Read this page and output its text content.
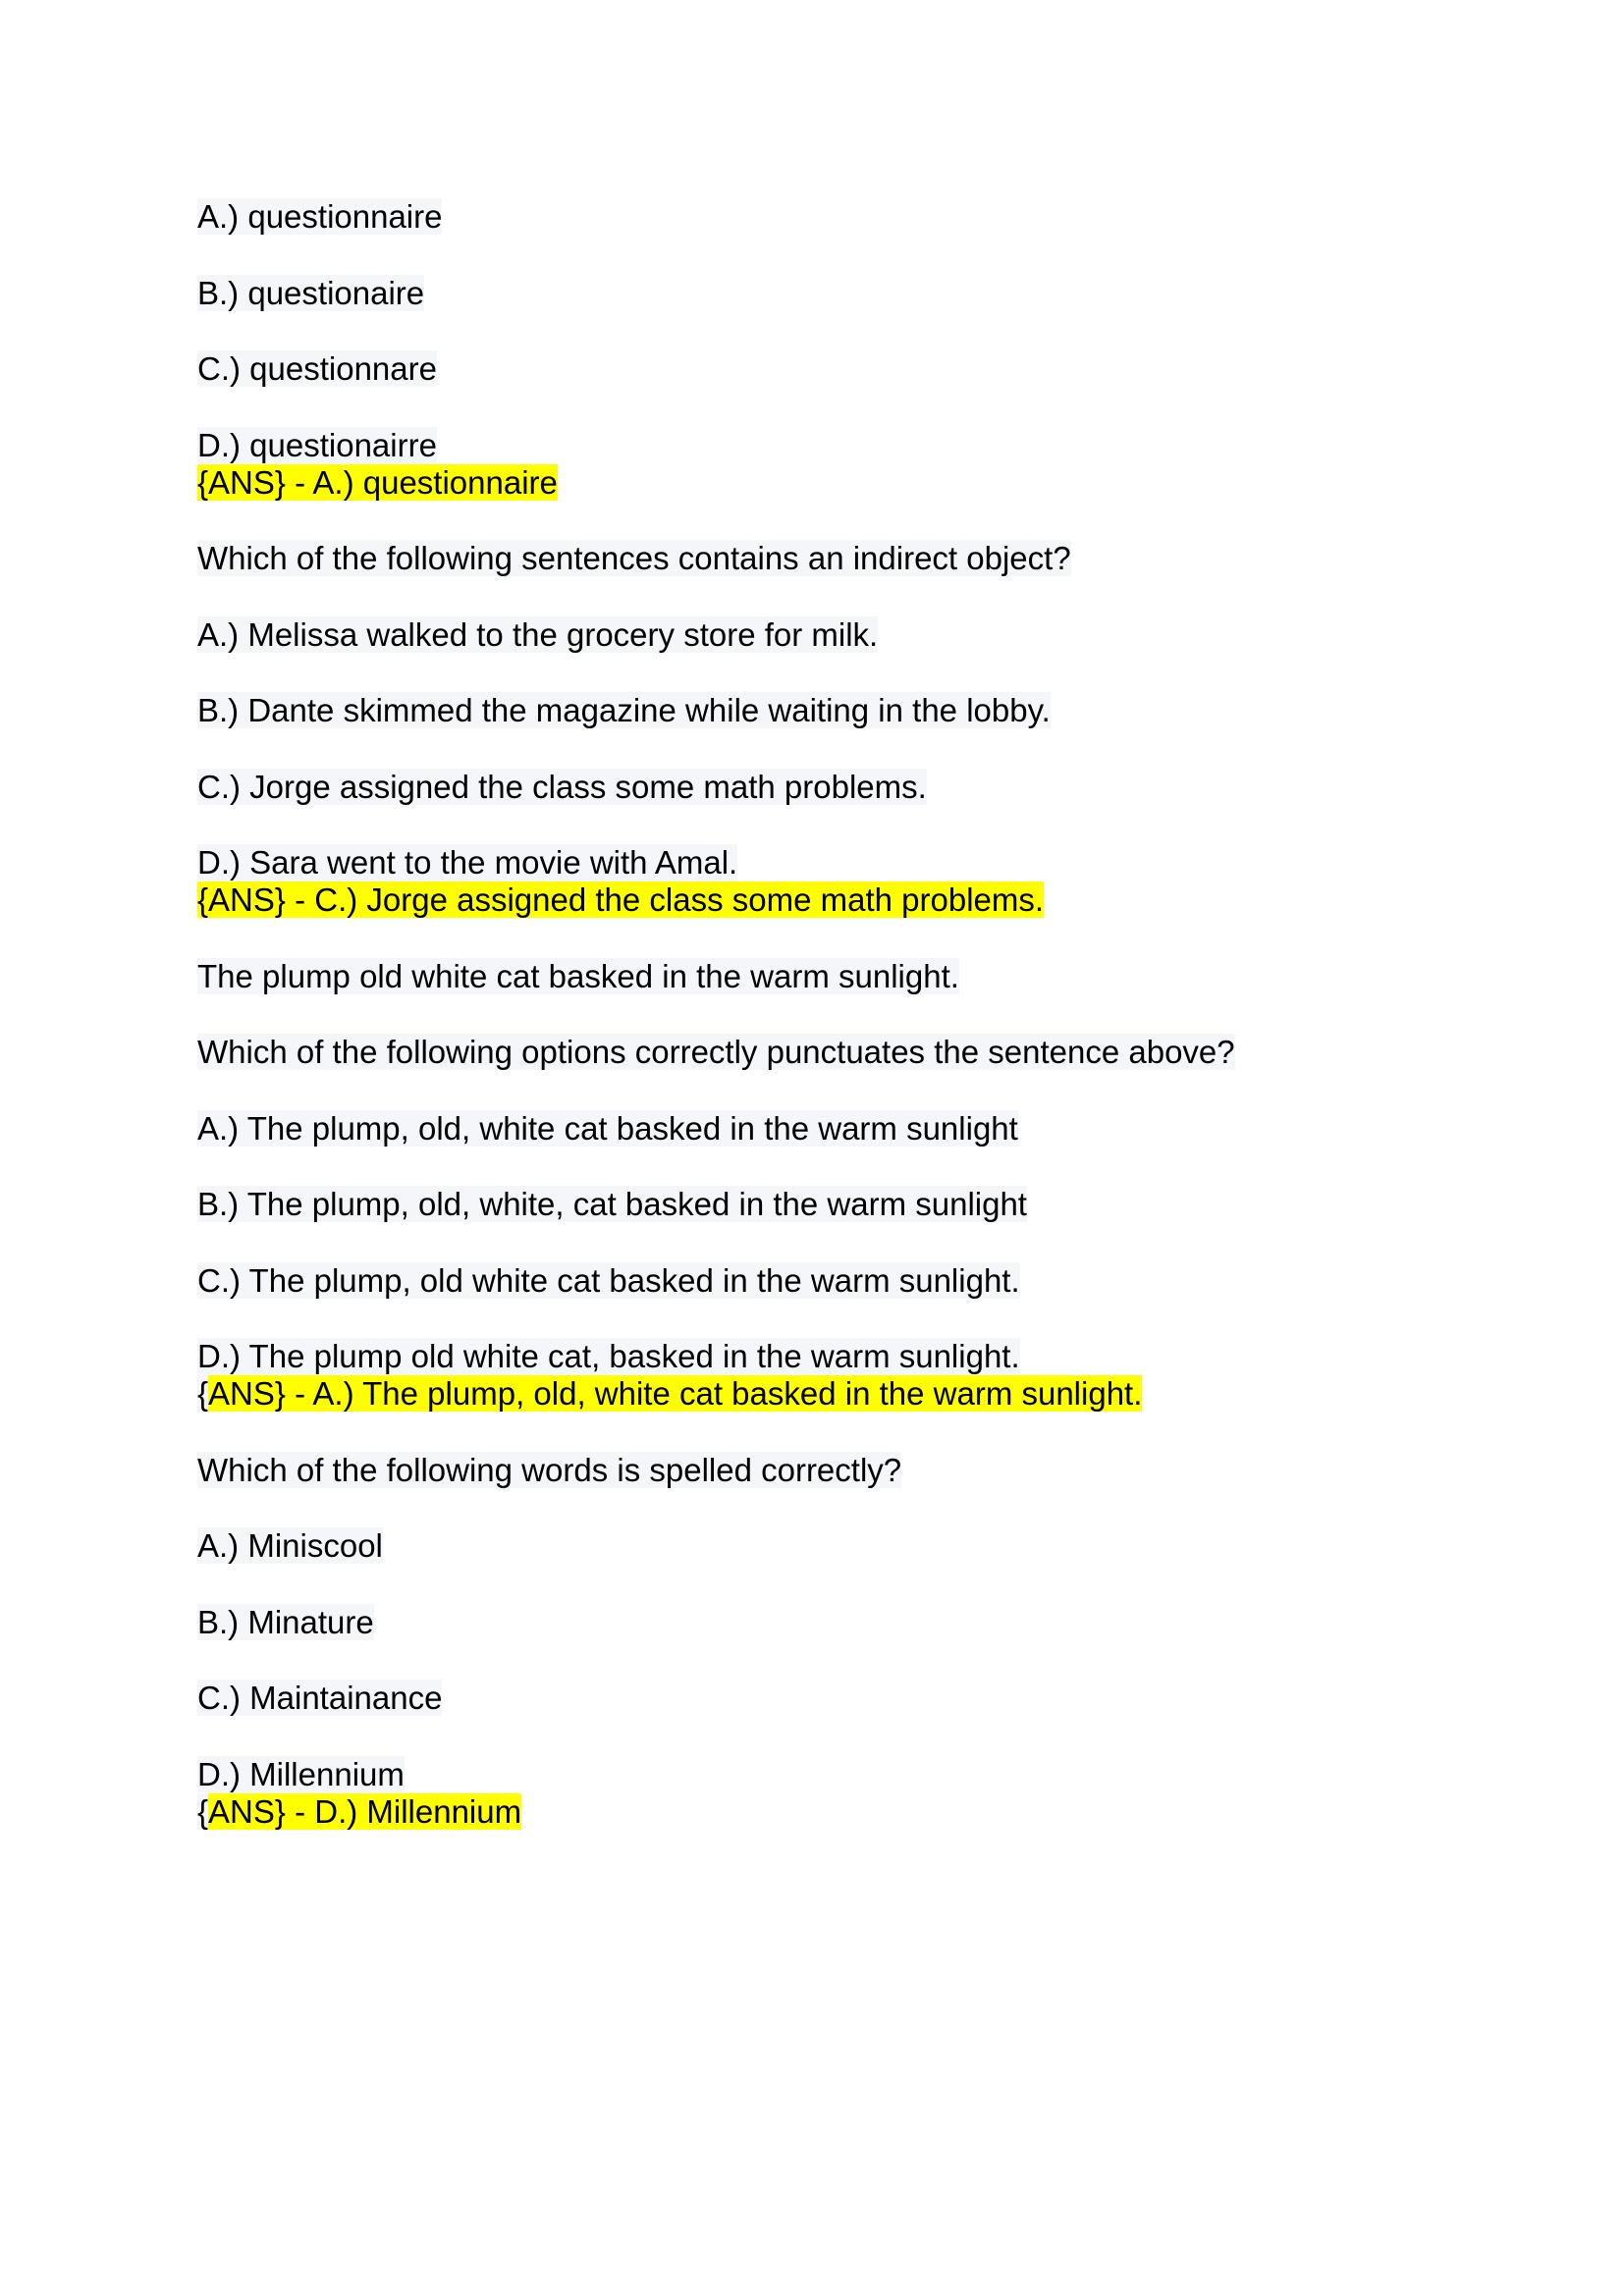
A.) questionnaire
B.) questionaire
C.) questionnare
D.) questionairre
{ANS} - A.) questionnaire
Which of the following sentences contains an indirect object?
A.) Melissa walked to the grocery store for milk.
B.) Dante skimmed the magazine while waiting in the lobby.
C.) Jorge assigned the class some math problems.
D.) Sara went to the movie with Amal.
{ANS} - C.) Jorge assigned the class some math problems.
The plump old white cat basked in the warm sunlight.
Which of the following options correctly punctuates the sentence above?
A.) The plump, old, white cat basked in the warm sunlight
B.) The plump, old, white, cat basked in the warm sunlight
C.) The plump, old white cat basked in the warm sunlight.
D.) The plump old white cat, basked in the warm sunlight.
{ANS} - A.) The plump, old, white cat basked in the warm sunlight.
Which of the following words is spelled correctly?
A.) Miniscool
B.) Minature
C.) Maintainance
D.) Millennium
{ANS} - D.) Millennium
